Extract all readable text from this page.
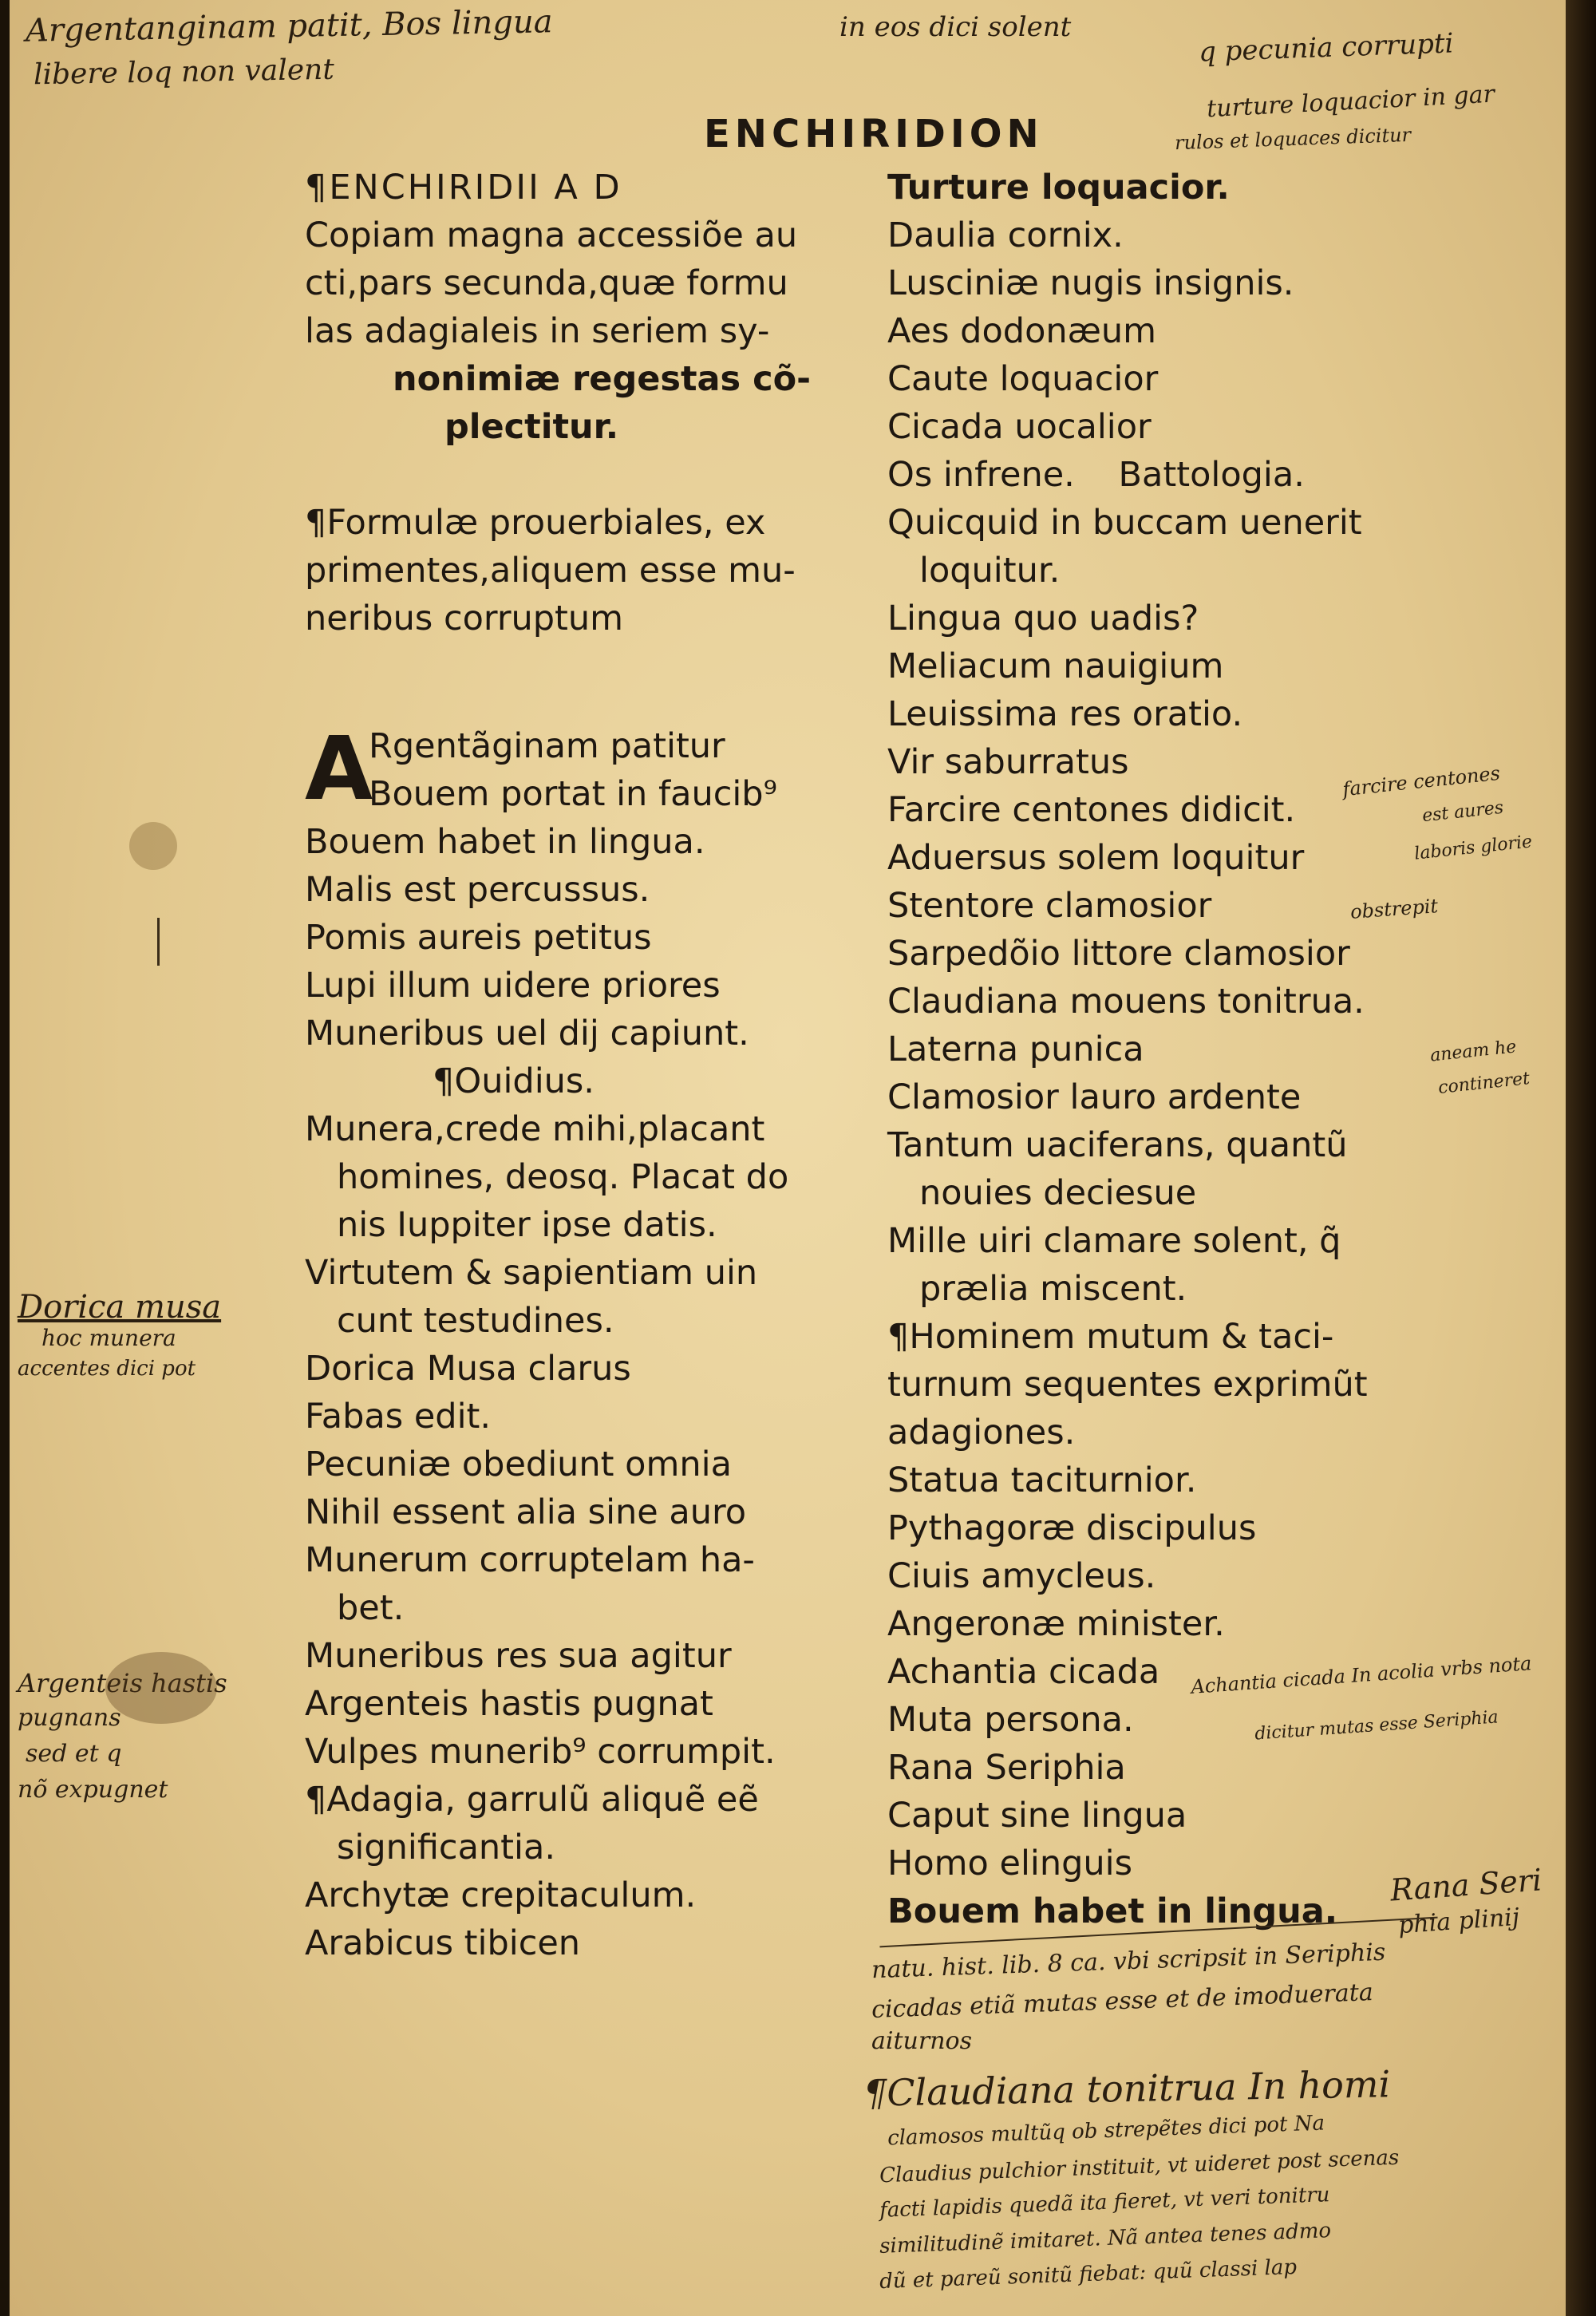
Argentanginam patit, Bos lingua
libere loq non valent
in eos dici solent
q pecunia corrupti
turture loquacior in gar
rulos et loquaces dicitur
ENCHIRIDION
¶ENCHIRIDII A D
Copiam magna accessiõe au
cti,pars secunda,quæ formu
las adagialeis in seriem sy-
nonimiæ regestas cõ-
plectitur.
¶Formulæ prouerbiales, ex
primentes,aliquem esse mu-
neribus corruptum
A
Rgentãginam patitur
Bouem portat in faucib⁹
Bouem habet in lingua.
Malis est percussus.
Pomis aureis petitus
Lupi illum uidere priores
Muneribus uel dij capiunt.
¶Ouidius.
Munera,crede mihi,placant
homines, deosq. Placat do
nis Iuppiter ipse datis.
Virtutem & sapientiam uin
cunt testudines.
Dorica Musa clarus
Fabas edit.
Pecuniæ obediunt omnia
Nihil essent alia sine auro
Munerum corruptelam ha-
bet.
Muneribus res sua agitur
Argenteis hastis pugnat
Vulpes munerib⁹ corrumpit.
¶Adagia, garrulũ aliquẽ eẽ
significantia.
Archytæ crepitaculum.
Arabicus tibicen
Turture loquacior.
Daulia cornix.
Lusciniæ nugis insignis.
Aes dodonæum
Caute loquacior
Cicada uocalior
Os infrene.    Battologia.
Quicquid in buccam uenerit
loquitur.
Lingua quo uadis?
Meliacum nauigium
Leuissima res oratio.
Vir saburratus
Farcire centones didicit.
Aduersus solem loquitur
Stentore clamosior
Sarpedõio littore clamosior
Claudiana mouens tonitrua.
Laterna punica
Clamosior lauro ardente
Tantum uaciferans, quantũ
nouies deciesue
Mille uiri clamare solent, q̃
prælia miscent.
¶Hominem mutum & taci-
turnum sequentes exprimũt
adagiones.
Statua taciturnior.
Pythagoræ discipulus
Ciuis amycleus.
Angeronæ minister.
Achantia cicada
Muta persona.
Rana Seriphia
Caput sine lingua
Homo elinguis
Bouem habet in lingua.
Dorica musa
hoc munera
accentes dici pot
Argenteis hastis
pugnans
sed et q
nõ expugnet
farcire centones
est aures
laboris glorie
obstrepit
aneam he
contineret
Achantia cicada In acolia vrbs nota
dicitur mutas esse Seriphia
Rana Seri
phia plinij
natu. hist. lib. 8 ca. vbi scripsit in Seriphis
cicadas etiã mutas esse et de imoduerata
aiturnos
¶Claudiana tonitrua In homi
clamosos multũq ob strepẽtes dici pot Na
Claudius pulchior instituit, vt uideret post scenas
facti lapidis quedã ita fieret, vt veri tonitru
similitudinẽ imitaret. Nã antea tenes admo
dũ et pareũ sonitũ fiebat: quũ classi lap
